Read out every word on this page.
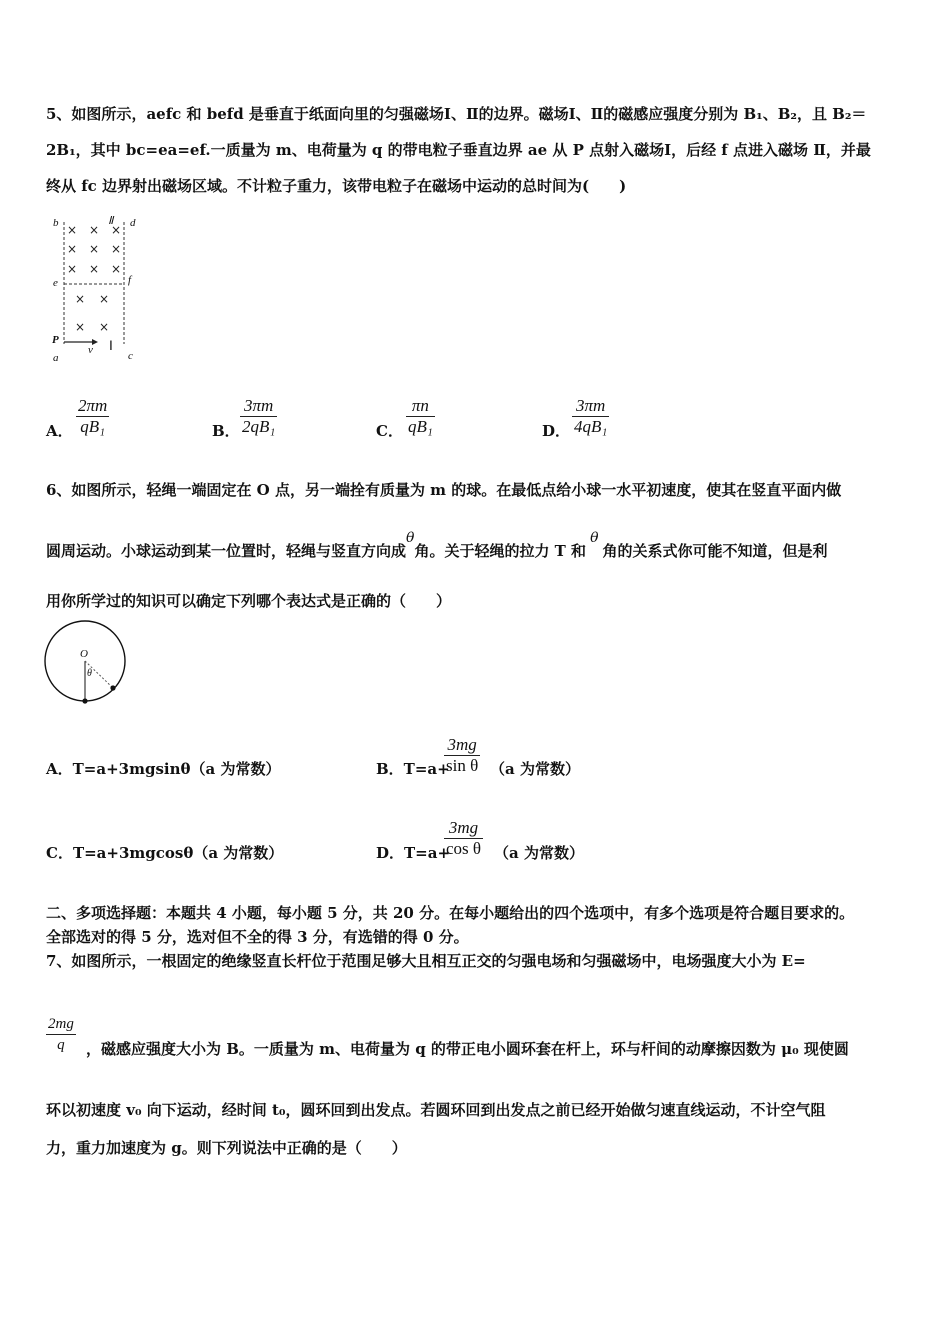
5、如图所示，aefc 和 befd 是垂直于纸面向里的匀强磁场Ⅰ、Ⅱ的边界。磁场Ⅰ、Ⅱ的磁感应强度分别为 B₁、B₂，且 B₂＝
2B₁，其中 bc=ea=ef.一质量为 m、电荷量为 q 的带电粒子垂直边界 ae 从 P 点射入磁场Ⅰ，后经 f 点进入磁场 Ⅱ，并最
终从 fc 边界射出磁场区域。不计粒子重力，该带电粒子在磁场中运动的总时间为(　　)
b	d
Ⅱ
e	f
P
v Ⅰ
a	c
× × ×
× × ×
× × ×
× ×
× ×
A． $\frac{2\pi m}{\text{qB₁}}$	B． $\frac{3\pi m}{\text{2qB₁}}$	C． $\frac{\pi n}{\text{qB₁}}$	D． $\frac{3\pi m}{\text{4qB₁}}$
6、如图所示，轻绳一端固定在 O 点，另一端拴有质量为 m 的球。在最低点给小球一水平初速度，使其在竖直平面内做
圆周运动。小球运动到某一位置时，轻绳与竖直方向成θ角。关于轻绳的拉力 T 和θ角的关系式你可能不知道，但是利
用你所学过的知识可以确定下列哪个表达式是正确的（　　）
O
θ
A．T=a+3mgsinθ（a 为常数）	B．T=a+
$\frac{3mg}{\text{sin θ}} (a$ 为常数）
C．T=a+3mgcosθ（a 为常数）	D．T=a+
$\frac{3mg}{\text{cos θ}} (a$ 为常数）
二、多项选择题：本题共 4 小题，每小题 5 分，共 20 分。在每小题给出的四个选项中，有多个选项是符合题目要求的。
全部选对的得 5 分，选对但不全的得 3 分，有选错的得 0 分。
7、如图所示，一根固定的绝缘竖直长杆位于范围足够大且相互正交的匀强电场和匀强磁场中，电场强度大小为 E=
$\frac{2mg}{q}$ ，磁感应强度大小为 B。一质量为 m、电荷量为 q 的带正电小圆环套在杆上，环与杆间的动摩擦因数为 μ₀ 现使圆
环以初速度 v₀ 向下运动，经时间 t₀，圆环回到出发点。若圆环回到出发点之前已经开始做匀速直线运动，不计空气阻
力，重力加速度为 g。则下列说法中正确的是（　　）
